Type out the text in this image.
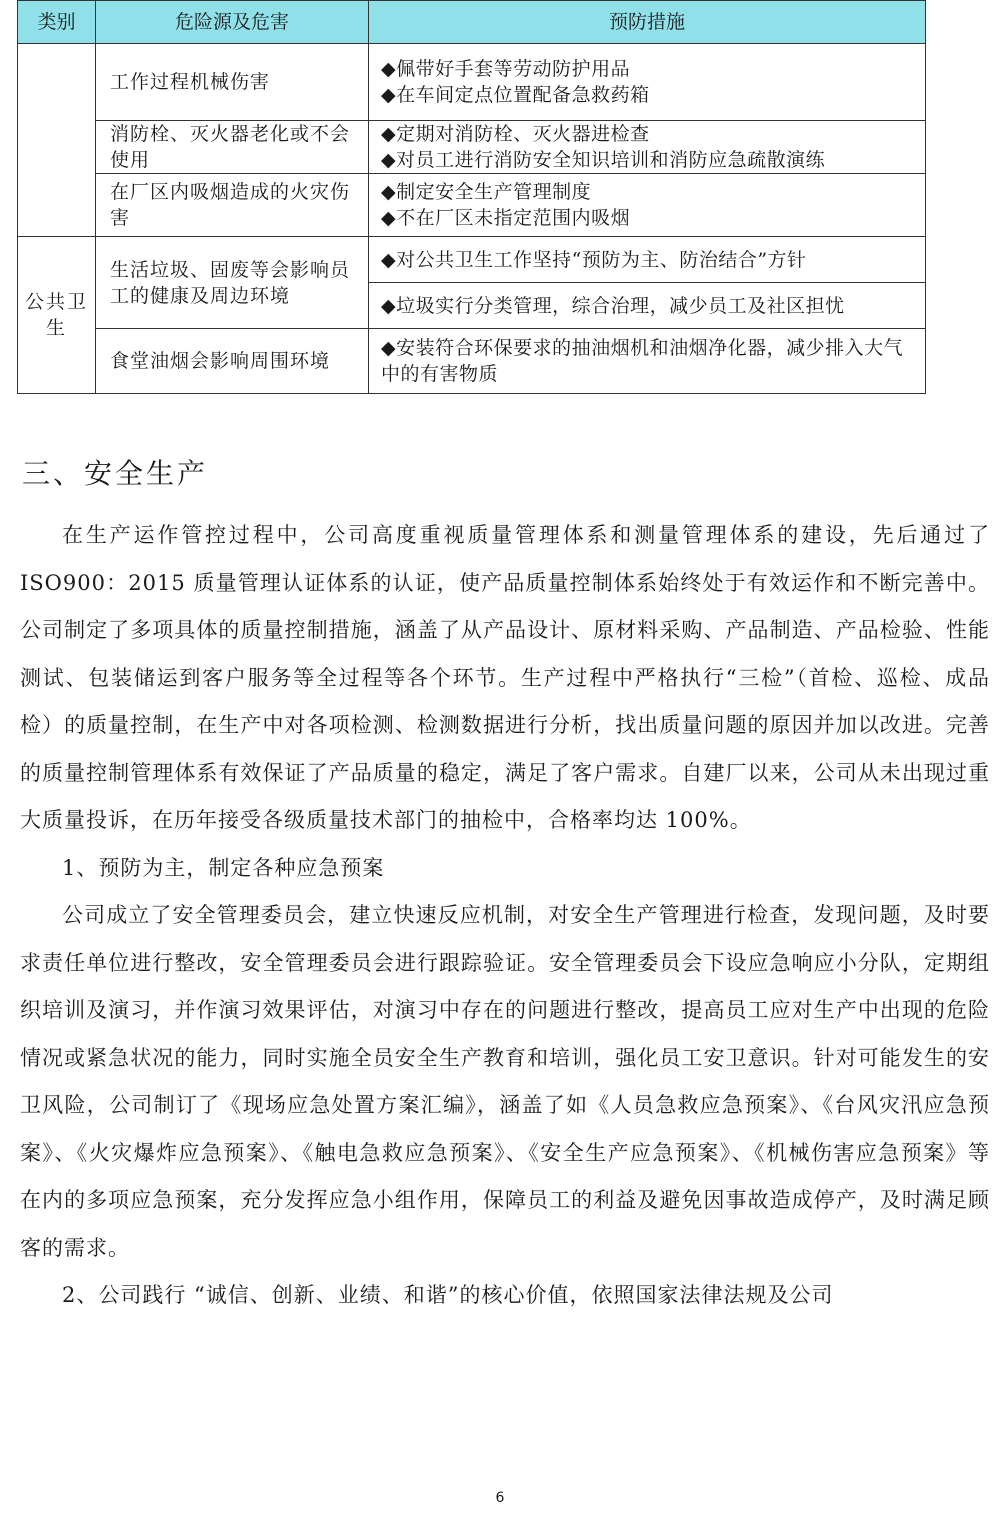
类别	危险源及危害	预防措施
	工作过程机械伤害	◆佩带好手套等劳动防护用品
◆在车间定点位置配备急救药箱

	消防栓、灭火器老化或不会使用	◆定期对消防栓、灭火器进检查
◆对员工进行消防安全知识培训和消防应急疏散演练

	在厂区内吸烟造成的火灾伤害	◆制定安全生产管理制度
◆不在厂区未指定范围内吸烟

公共卫生	生活垃圾、固废等会影响员工的健康及周边环境	◆对公共卫生工作坚持“预防为主、防治结合”方针

		◆垃圾实行分类管理，综合治理，减少员工及社区担忧

	食堂油烟会影响周围环境	◆安装符合环保要求的抽油烟机和油烟净化器，减少排入大气中的有害物质
三、安全生产

在生产运作管控过程中，公司高度重视质量管理体系和测量管理体系的建设，先后通过了 ISO900：2015 质量管理认证体系的认证，使产品质量控制体系始终处于有效运作和不断完善中。公司制定了多项具体的质量控制措施，涵盖了从产品设计、原材料采购、产品制造、产品检验、性能测试、包装储运到客户服务等全过程等各个环节。生产过程中严格执行“三检”（首检、巡检、成品检）的质量控制，在生产中对各项检测、检测数据进行分析，找出质量问题的原因并加以改进。完善的质量控制管理体系有效保证了产品质量的稳定，满足了客户需求。自建厂以来，公司从未出现过重大质量投诉，在历年接受各级质量技术部门的抽检中，合格率均达 100%。

1、预防为主，制定各种应急预案

公司成立了安全管理委员会，建立快速反应机制，对安全生产管理进行检查，发现问题，及时要求责任单位进行整改，安全管理委员会进行跟踪验证。安全管理委员会下设应急响应小分队，定期组织培训及演习，并作演习效果评估，对演习中存在的问题进行整改，提高员工应对生产中出现的危险情况或紧急状况的能力，同时实施全员安全生产教育和培训，强化员工安卫意识。针对可能发生的安卫风险，公司制订了《现场应急处置方案汇编》，涵盖了如《人员急救应急预案》、《台风灾汛应急预案》、《火灾爆炸应急预案》、《触电急救应急预案》、《安全生产应急预案》、《机械伤害应急预案》等在内的多项应急预案，充分发挥应急小组作用，保障员工的利益及避免因事故造成停产，及时满足顾客的需求。

2、公司践行 “诚信、创新、业绩、和谐”的核心价值，依照国家法律法规及公司

6
